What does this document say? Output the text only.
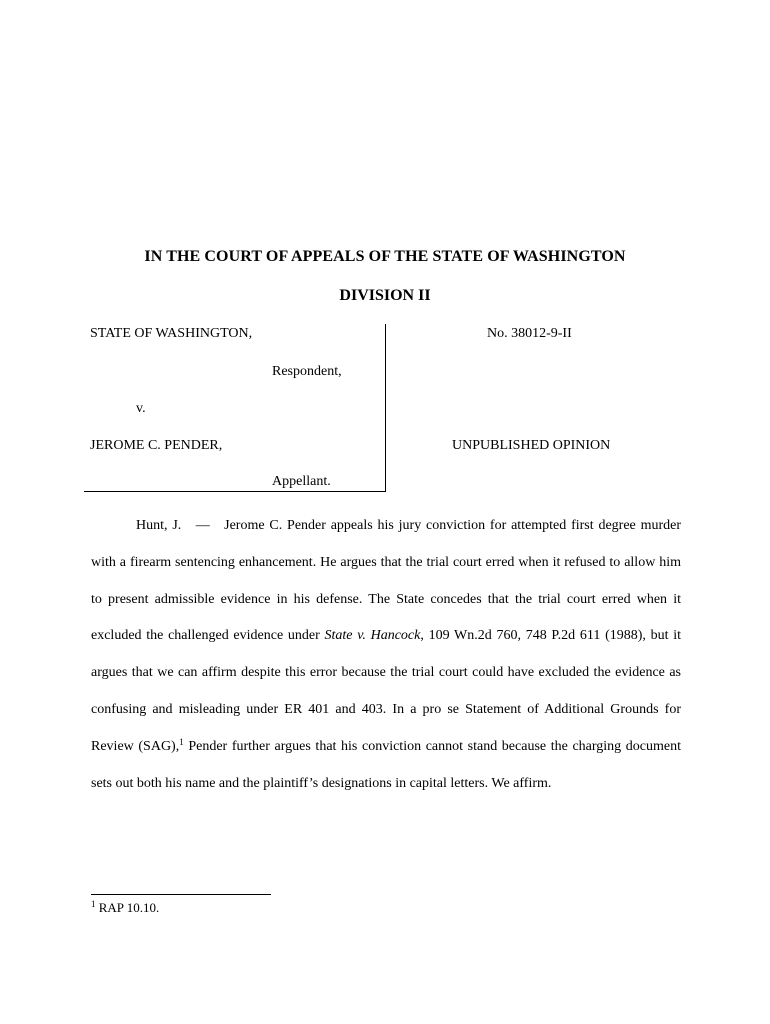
IN THE COURT OF APPEALS OF THE STATE OF WASHINGTON
DIVISION II
STATE OF WASHINGTON,
Respondent,
v.
JEROME C. PENDER,
Appellant.
No. 38012-9-II
UNPUBLISHED OPINION

Hunt, J. — Jerome C. Pender appeals his jury conviction for attempted first degree murder with a firearm sentencing enhancement. He argues that the trial court erred when it refused to allow him to present admissible evidence in his defense. The State concedes that the trial court erred when it excluded the challenged evidence under State v. Hancock, 109 Wn.2d 760, 748 P.2d 611 (1988), but it argues that we can affirm despite this error because the trial court could have excluded the evidence as confusing and misleading under ER 401 and 403. In a pro se Statement of Additional Grounds for Review (SAG),$^1$ Pender further argues that his conviction cannot stand because the charging document sets out both his name and the plaintiff’s designations in capital letters. We affirm.

$^1$ RAP 10.10.
